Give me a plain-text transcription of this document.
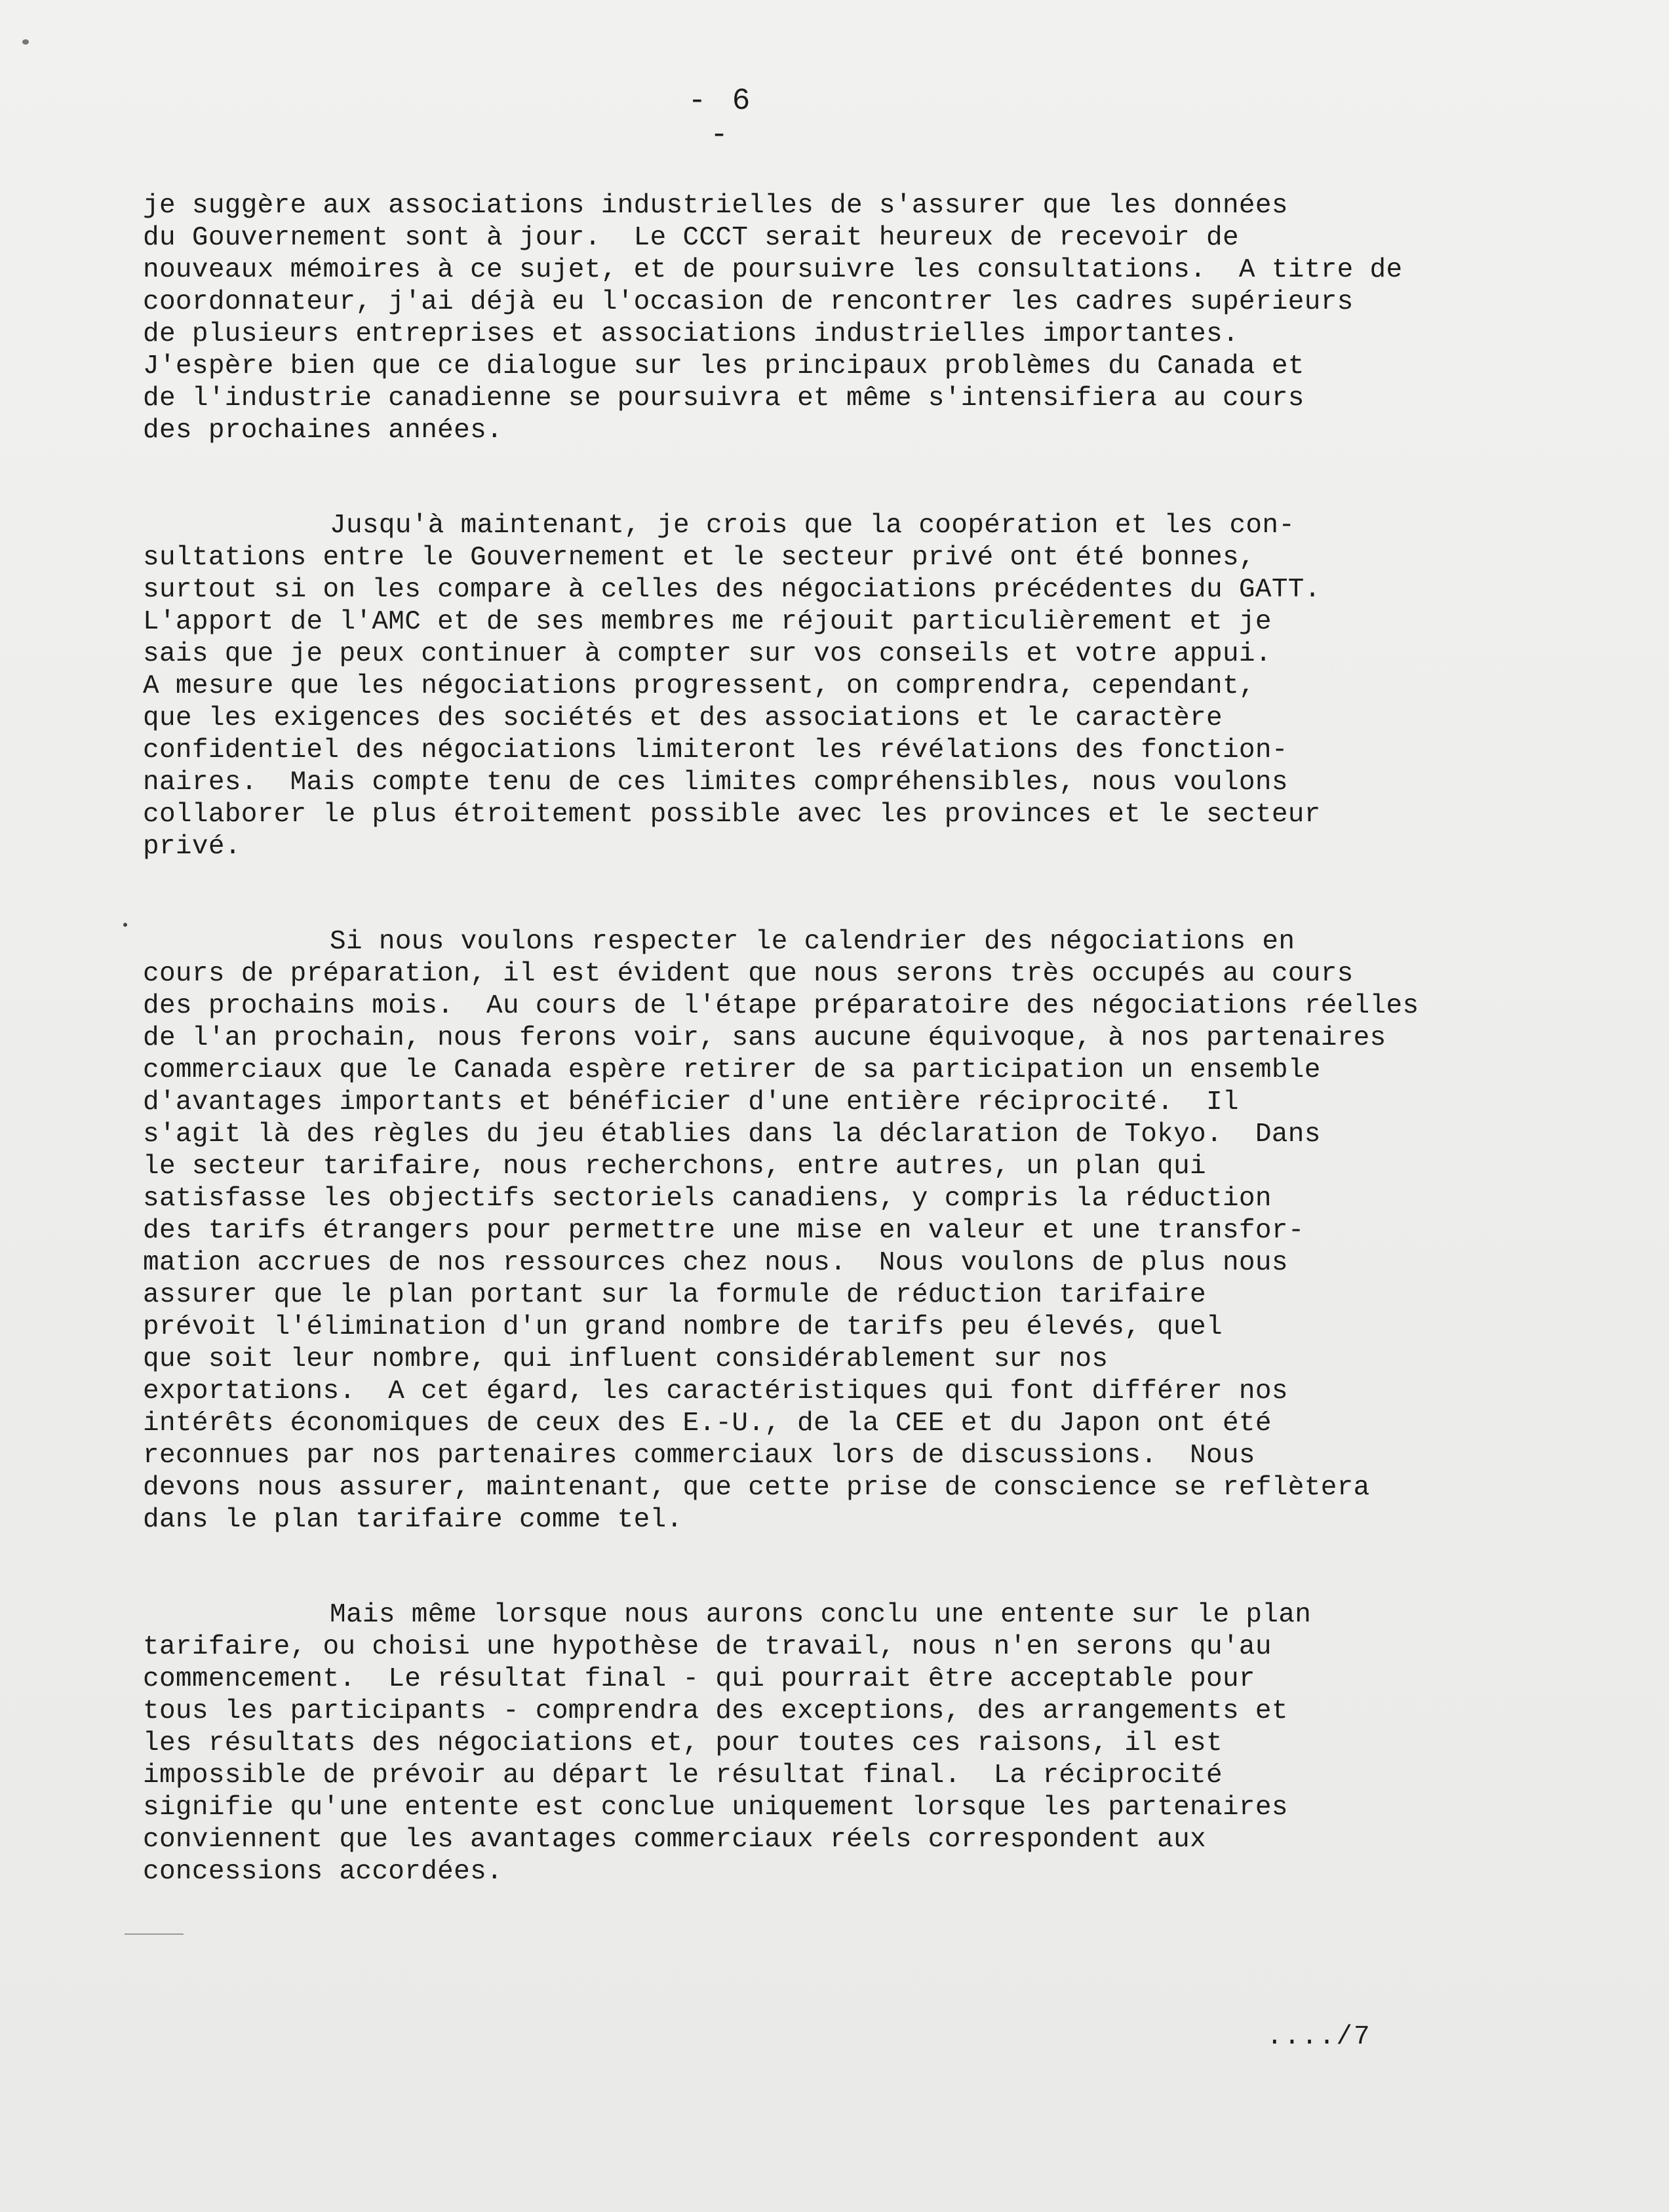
- 6 -
je suggère aux associations industrielles de s'assurer que les données
du Gouvernement sont à jour.  Le CCCT serait heureux de recevoir de
nouveaux mémoires à ce sujet, et de poursuivre les consultations.  A titre de
coordonnateur, j'ai déjà eu l'occasion de rencontrer les cadres supérieurs
de plusieurs entreprises et associations industrielles importantes.
J'espère bien que ce dialogue sur les principaux problèmes du Canada et
de l'industrie canadienne se poursuivra et même s'intensifiera au cours
des prochaines années.
Jusqu'à maintenant, je crois que la coopération et les con-
sultations entre le Gouvernement et le secteur privé ont été bonnes,
surtout si on les compare à celles des négociations précédentes du GATT.
L'apport de l'AMC et de ses membres me réjouit particulièrement et je
sais que je peux continuer à compter sur vos conseils et votre appui.
A mesure que les négociations progressent, on comprendra, cependant,
que les exigences des sociétés et des associations et le caractère
confidentiel des négociations limiteront les révélations des fonction-
naires.  Mais compte tenu de ces limites compréhensibles, nous voulons
collaborer le plus étroitement possible avec les provinces et le secteur
privé.
Si nous voulons respecter le calendrier des négociations en
cours de préparation, il est évident que nous serons très occupés au cours
des prochains mois.  Au cours de l'étape préparatoire des négociations réelles
de l'an prochain, nous ferons voir, sans aucune équivoque, à nos partenaires
commerciaux que le Canada espère retirer de sa participation un ensemble
d'avantages importants et bénéficier d'une entière réciprocité.  Il
s'agit là des règles du jeu établies dans la déclaration de Tokyo.  Dans
le secteur tarifaire, nous recherchons, entre autres, un plan qui
satisfasse les objectifs sectoriels canadiens, y compris la réduction
des tarifs étrangers pour permettre une mise en valeur et une transfor-
mation accrues de nos ressources chez nous.  Nous voulons de plus nous
assurer que le plan portant sur la formule de réduction tarifaire
prévoit l'élimination d'un grand nombre de tarifs peu élevés, quel
que soit leur nombre, qui influent considérablement sur nos
exportations.  A cet égard, les caractéristiques qui font différer nos
intérêts économiques de ceux des E.-U., de la CEE et du Japon ont été
reconnues par nos partenaires commerciaux lors de discussions.  Nous
devons nous assurer, maintenant, que cette prise de conscience se reflètera
dans le plan tarifaire comme tel.
Mais même lorsque nous aurons conclu une entente sur le plan
tarifaire, ou choisi une hypothèse de travail, nous n'en serons qu'au
commencement.  Le résultat final - qui pourrait être acceptable pour
tous les participants - comprendra des exceptions, des arrangements et
les résultats des négociations et, pour toutes ces raisons, il est
impossible de prévoir au départ le résultat final.  La réciprocité
signifie qu'une entente est conclue uniquement lorsque les partenaires
conviennent que les avantages commerciaux réels correspondent aux
concessions accordées.
..../7
